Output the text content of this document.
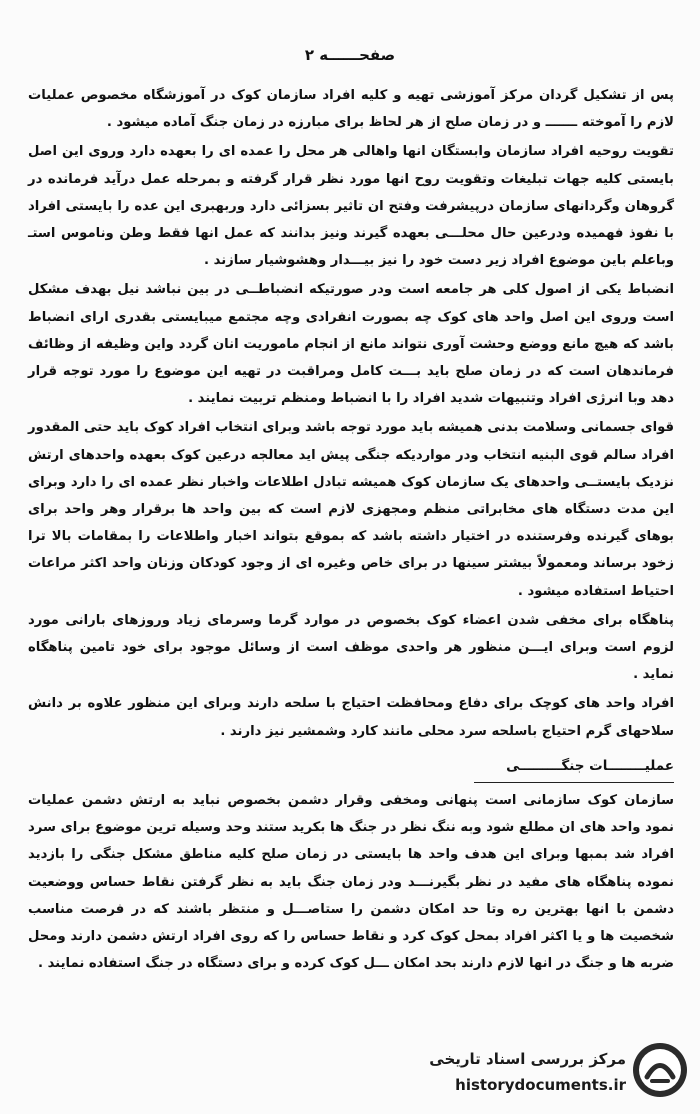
صفحــــــه ۲

پس از تشکیل گردان مرکز آموزشی تهیه و کلیه افراد سازمان کوک در آموزشگاه مخصوص عملیات لازم را آموخته ـــــــ و در زمان صلح از هر لحاظ برای مبارزه در زمان جنگ آماده میشود .

تقویت روحیه افراد سازمان وابستگان انها واهالی هر محل را عمده ای را بعهده دارد وروی این اصل بایستی کلیه جهات تبلیغات وتقویت روح انها مورد نظر قرار گرفته و بمرحله عمل درآید فرمانده در گروهان وگردانهای سازمان درپیشرفت وفتح ان تاثیر بسزائی دارد وربهبری این عده را بایستی افراد با نفوذ فهمیده ودرعین حال محلـــی بعهده گیرند ونیز بدانند که عمل انها فقط وطن وناموس استـ وباعلم باین موضوع افراد زیر دست خود را نیز بیـــدار وهشوشیار سازند .

انضباط یکی از اصول کلی هر جامعه است ودر صورتیکه انضباطــی در بین نباشد نیل بهدف مشکل است وروی این اصل واحد های کوک چه بصورت انفرادی وچه مجتمع میبایستی بقدری ارای انضباط باشد که هیچ مانع ووضع وحشت آوری نتواند مانع از انجام ماموریت انان گردد واین وظیفه از وظائف فرماندهان است که در زمان صلح باید بـــت کامل ومراقبت در تهیه این موضوع را مورد توجه قرار دهد وبا انرژی افراد وتنبیهات شدید افراد را با انضباط ومنظم تربیت نمایند .

قوای جسمانی وسلامت بدنی همیشه باید مورد توجه باشد وبرای انتخاب افراد کوک باید حتی المقدور افراد سالم قوی البنیه انتخاب ودر مواردیکه جنگی پیش اید معالجه درعین کوک بعهده واحدهای ارتش نزدیک بایستــی واحدهای یک سازمان کوک همیشه تبادل اطلاعات واخبار نظر عمده ای را دارد وبرای این مدت دستگاه های مخابراتی منظم ومجهزی لازم است که بین واحد ها برقرار وهر واحد برای بوهای گیرنده وفرستنده در اختیار داشته باشد که بموقع بتواند اخبار واطلاعات را بمقامات بالا ترا زخود برساند ومعمولاً بیشتر سینها در برای خاص وغیره ای از وجود کودکان وزنان واحد اکثر مراعات احتیاط استفاده میشود .

پناهگاه برای مخفی شدن اعضاء کوک بخصوص در موارد گرما وسرمای زیاد وروزهای بارانی مورد لزوم است وبرای ایـــن منظور هر واحدی موظف است از وسائل موجود برای خود تامین پناهگاه نماید .

افراد واحد های کوچک برای دفاع ومحافظت احتیاج با سلحه دارند وبرای این منظور علاوه بر دانش سلاحهای گرم احتیاج باسلحه سرد محلی مانند کارد وشمشیر نیز دارند .

عملیــــــــات جنگـــــــــی

سازمان کوک سازمانی است پنهانی ومخفی وقرار دشمن بخصوص نباید به ارتش دشمن عملیات نمود واحد های ان مطلع شود وبه ننگ نظر در جنگ ها بکرید ستند وحد وسیله ترین موضوع برای سرد افراد شد بمبها وبرای این هدف واحد ها بایستی در زمان صلح کلیه مناطق مشکل جنگی را بازدید نموده پناهگاه های مفید در نظر بگیرنـــد ودر زمان جنگ باید به نظر گرفتن نقاط حساس ووضعیت دشمن با انها بهترین ره وتا حد امکان دشمن را ستاصـــل و منتظر باشند که در فرصت مناسب شخصیت ها و یا اکثر افراد بمحل کوک کرد و نقاط حساس را که روی افراد ارتش دشمن دارند ومحل ضربه ها و جنگ در انها لازم دارند بحد امکان ـــل کوک کرده و برای دستگاه در جنگ استفاده نمایند .

مرکز بررسی اسناد تاریخی
historydocuments.ir
